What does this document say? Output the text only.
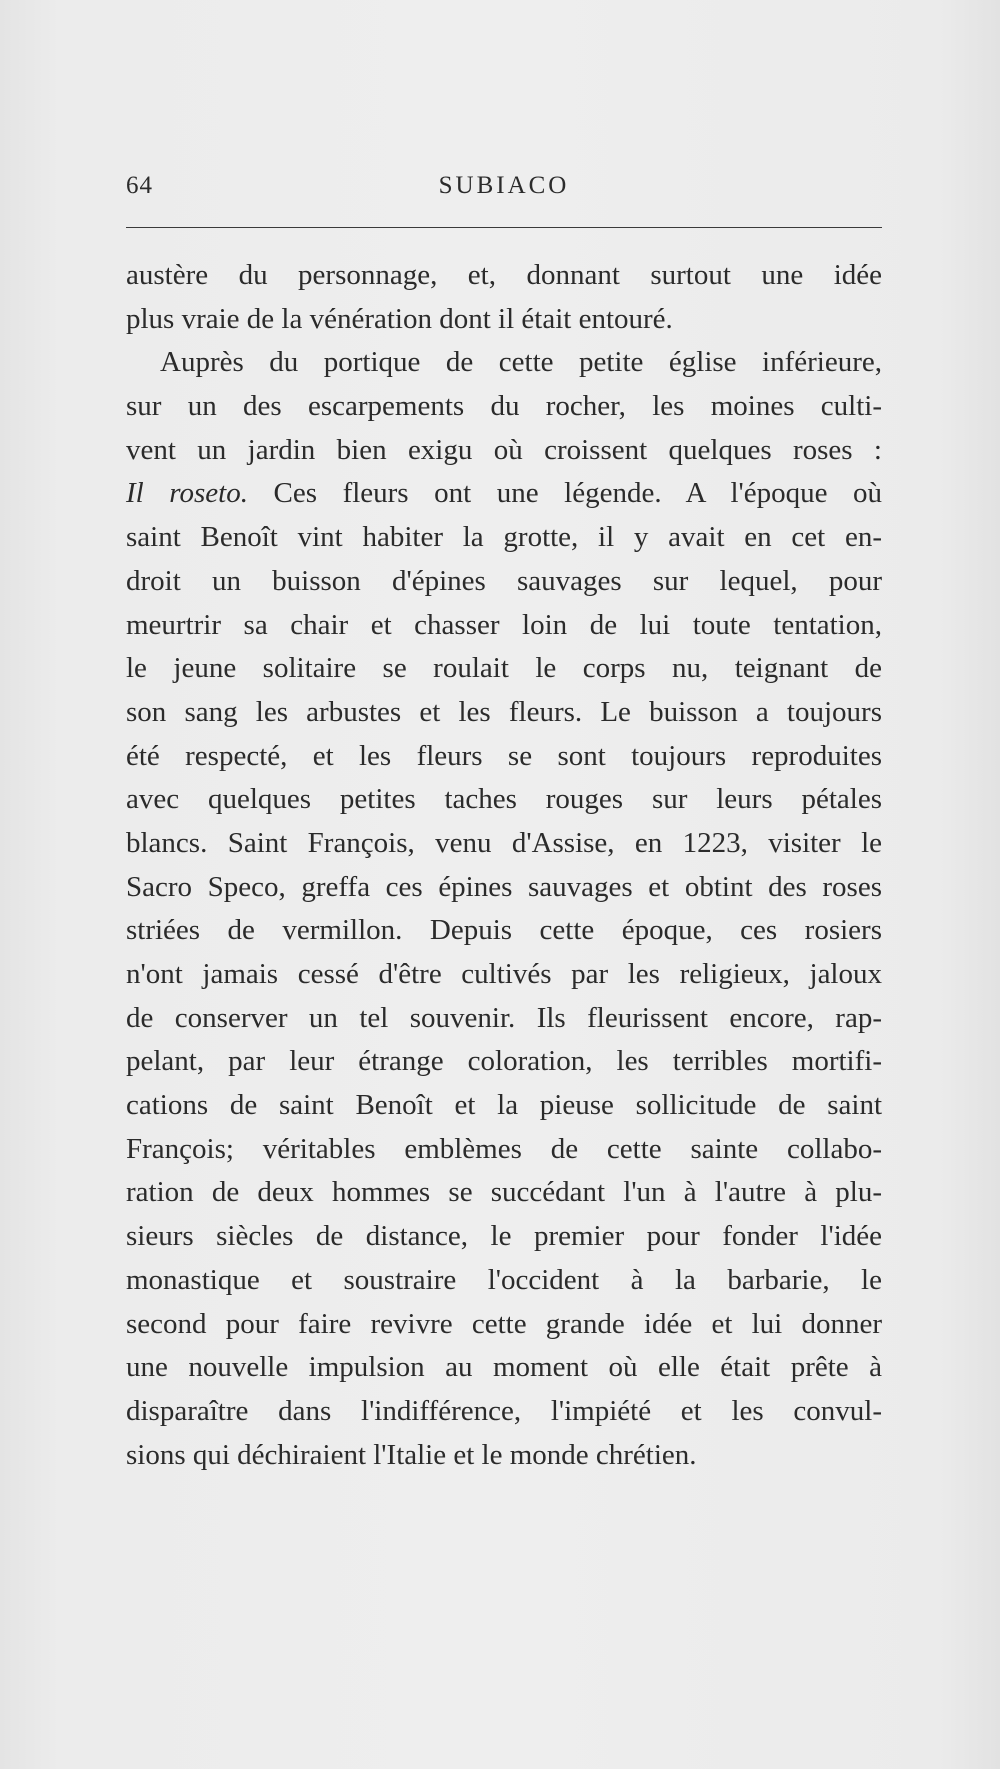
64	SUBIACO
austère du personnage, et, donnant surtout une idée
plus vraie de la vénération dont il était entouré.
Auprès du portique de cette petite église inférieure,
sur un des escarpements du rocher, les moines culti-
vent un jardin bien exigu où croissent quelques roses :
Il roseto. Ces fleurs ont une légende. A l'époque où
saint Benoît vint habiter la grotte, il y avait en cet en-
droit un buisson d'épines sauvages sur lequel, pour
meurtrir sa chair et chasser loin de lui toute tentation,
le jeune solitaire se roulait le corps nu, teignant de
son sang les arbustes et les fleurs. Le buisson a toujours
été respecté, et les fleurs se sont toujours reproduites
avec quelques petites taches rouges sur leurs pétales
blancs. Saint François, venu d'Assise, en 1223, visiter le
Sacro Speco, greffa ces épines sauvages et obtint des roses
striées de vermillon. Depuis cette époque, ces rosiers
n'ont jamais cessé d'être cultivés par les religieux, jaloux
de conserver un tel souvenir. Ils fleurissent encore, rap-
pelant, par leur étrange coloration, les terribles mortifi-
cations de saint Benoît et la pieuse sollicitude de saint
François; véritables emblèmes de cette sainte collabo-
ration de deux hommes se succédant l'un à l'autre à plu-
sieurs siècles de distance, le premier pour fonder l'idée
monastique et soustraire l'occident à la barbarie, le
second pour faire revivre cette grande idée et lui donner
une nouvelle impulsion au moment où elle était prête à
disparaître dans l'indifférence, l'impiété et les convul-
sions qui déchiraient l'Italie et le monde chrétien.
